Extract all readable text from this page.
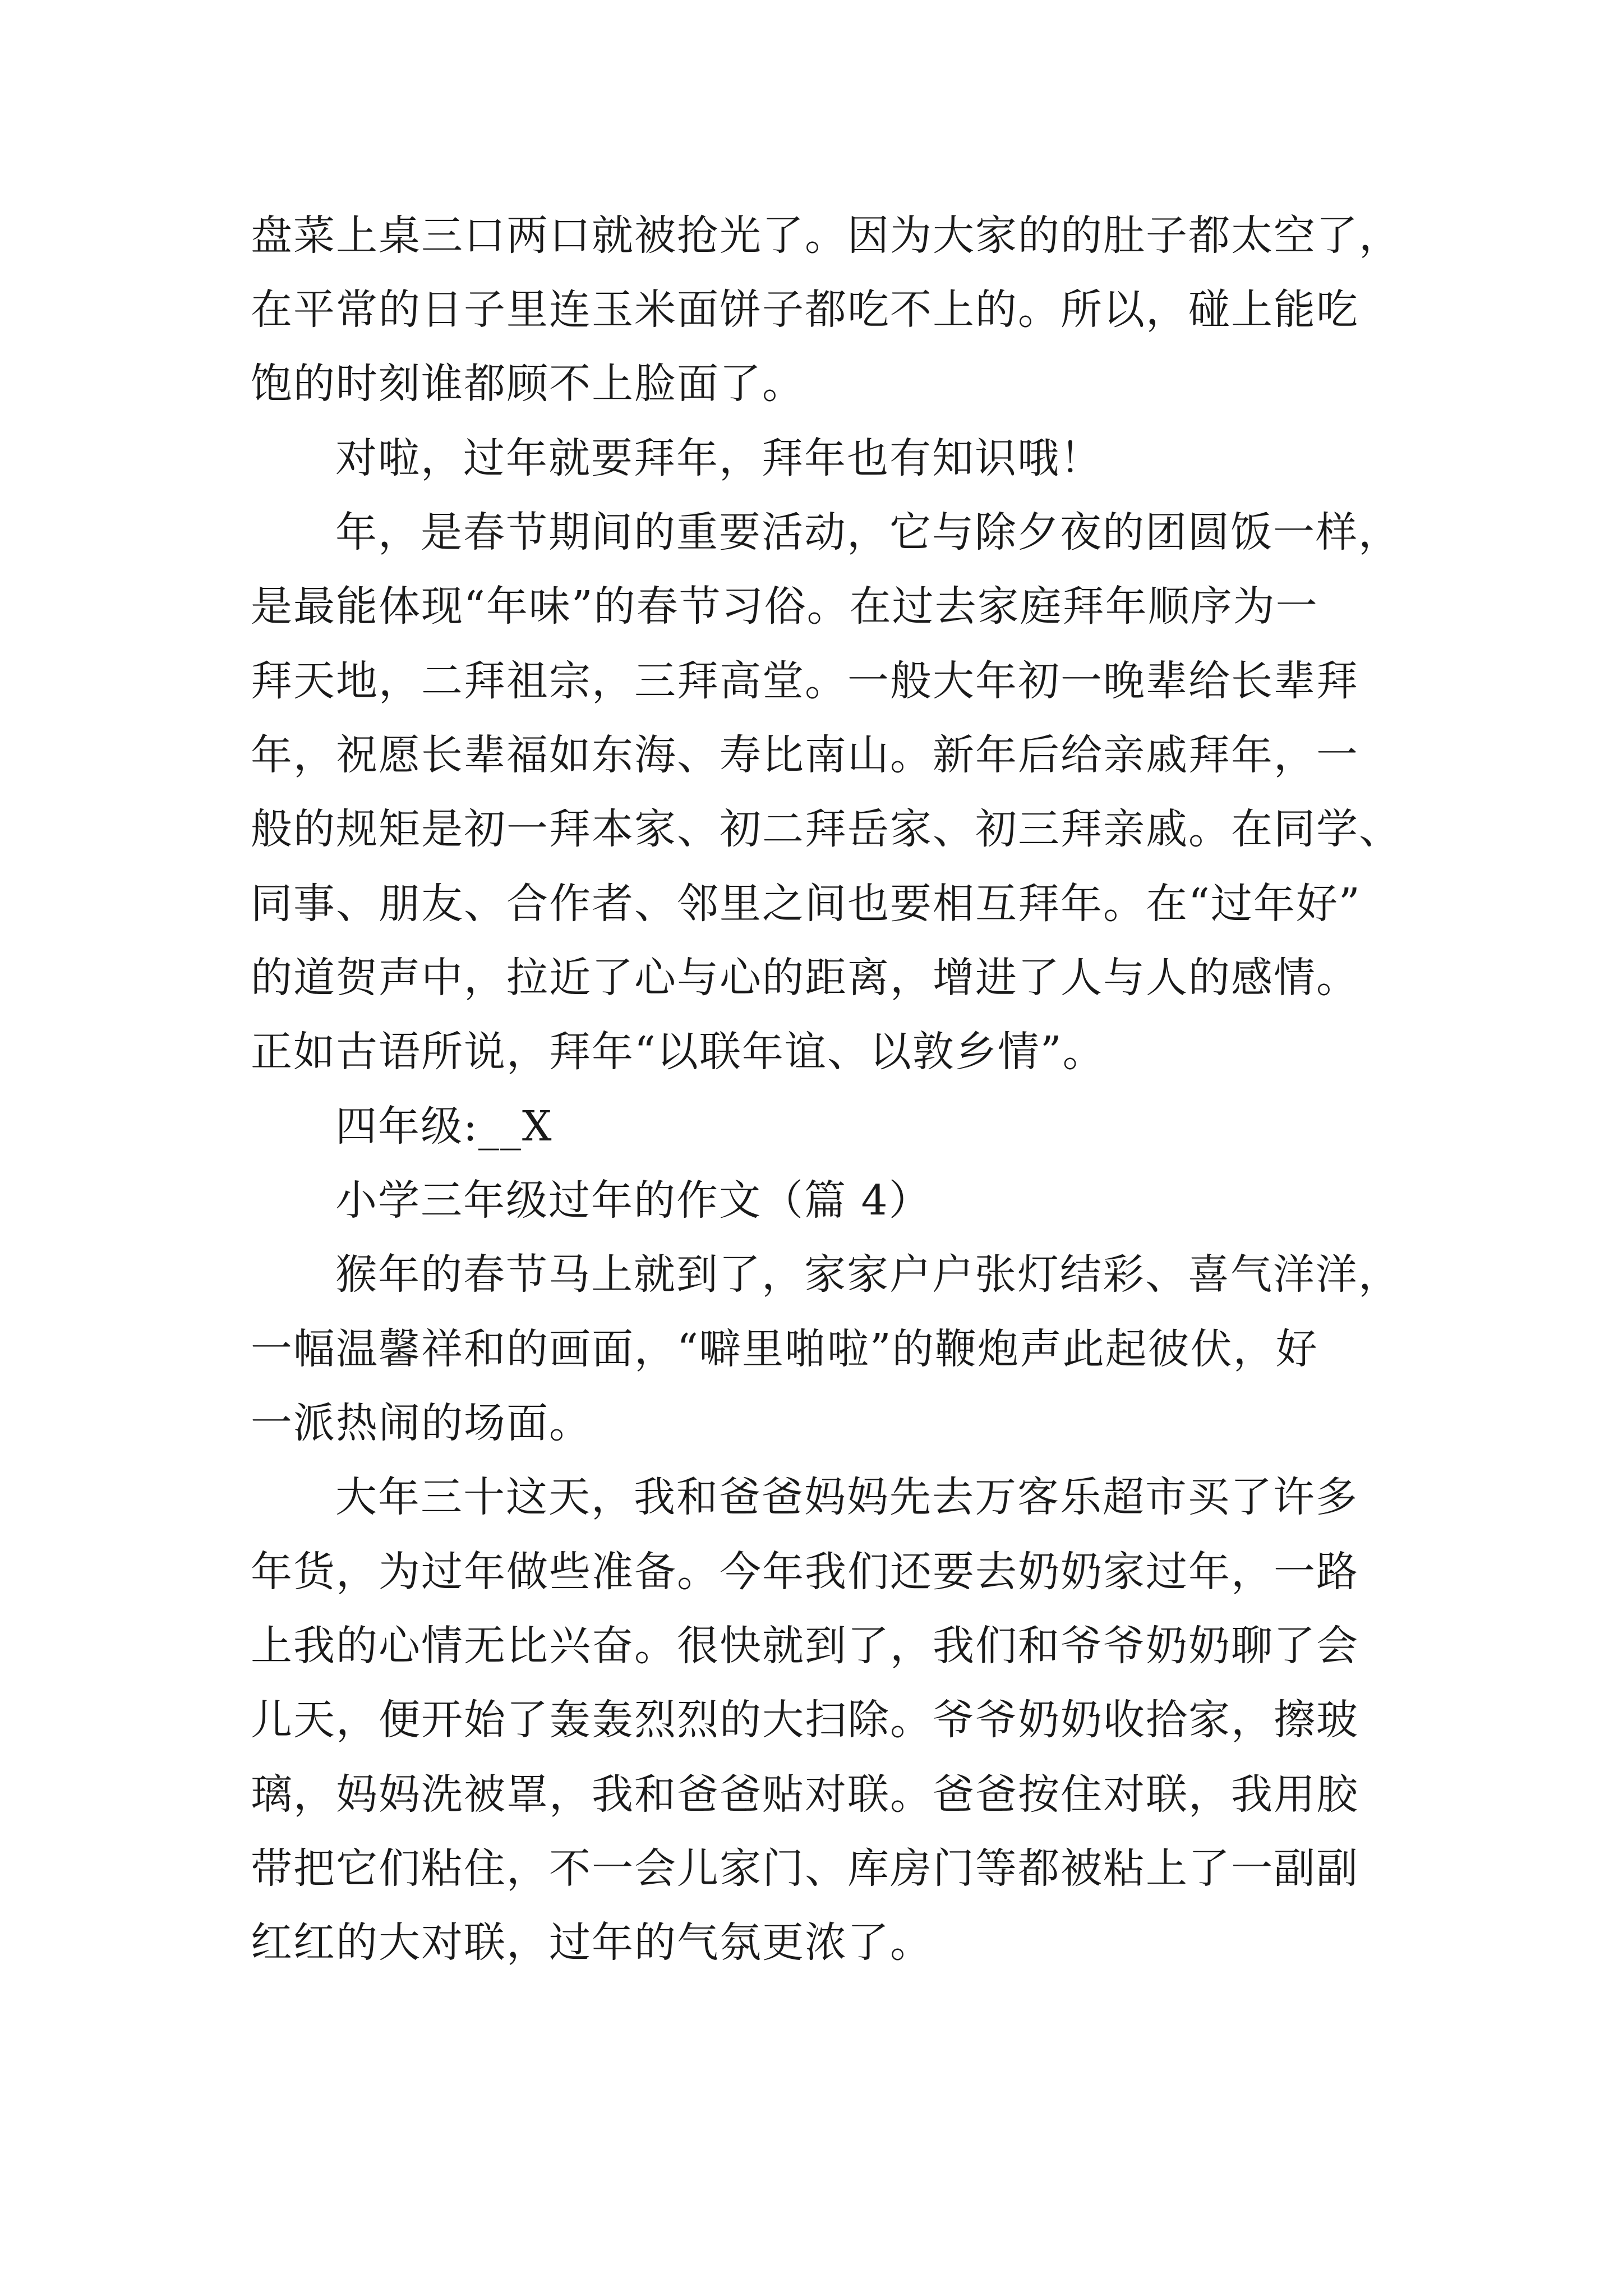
盘菜上桌三口两口就被抢光了。因为大家的的肚子都太空了，
在平常的日子里连玉米面饼子都吃不上的。所以，碰上能吃
饱的时刻谁都顾不上脸面了。
对啦，过年就要拜年，拜年也有知识哦！
年，是春节期间的重要活动，它与除夕夜的团圆饭一样，
是最能体现“年味”的春节习俗。在过去家庭拜年顺序为一
拜天地，二拜祖宗，三拜高堂。一般大年初一晚辈给长辈拜
年，祝愿长辈福如东海、寿比南山。新年后给亲戚拜年，一
般的规矩是初一拜本家、初二拜岳家、初三拜亲戚。在同学、
同事、朋友、合作者、邻里之间也要相互拜年。在“过年好”
的道贺声中，拉近了心与心的距离，增进了人与人的感情。
正如古语所说，拜年“以联年谊、以敦乡情”。
四年级:__X
小学三年级过年的作文（篇 4）
猴年的春节马上就到了，家家户户张灯结彩、喜气洋洋，
一幅温馨祥和的画面，“噼里啪啦”的鞭炮声此起彼伏，好
一派热闹的场面。
大年三十这天，我和爸爸妈妈先去万客乐超市买了许多
年货，为过年做些准备。今年我们还要去奶奶家过年，一路
上我的心情无比兴奋。很快就到了，我们和爷爷奶奶聊了会
儿天，便开始了轰轰烈烈的大扫除。爷爷奶奶收拾家，擦玻
璃，妈妈洗被罩，我和爸爸贴对联。爸爸按住对联，我用胶
带把它们粘住，不一会儿家门、库房门等都被粘上了一副副
红红的大对联，过年的气氛更浓了。
